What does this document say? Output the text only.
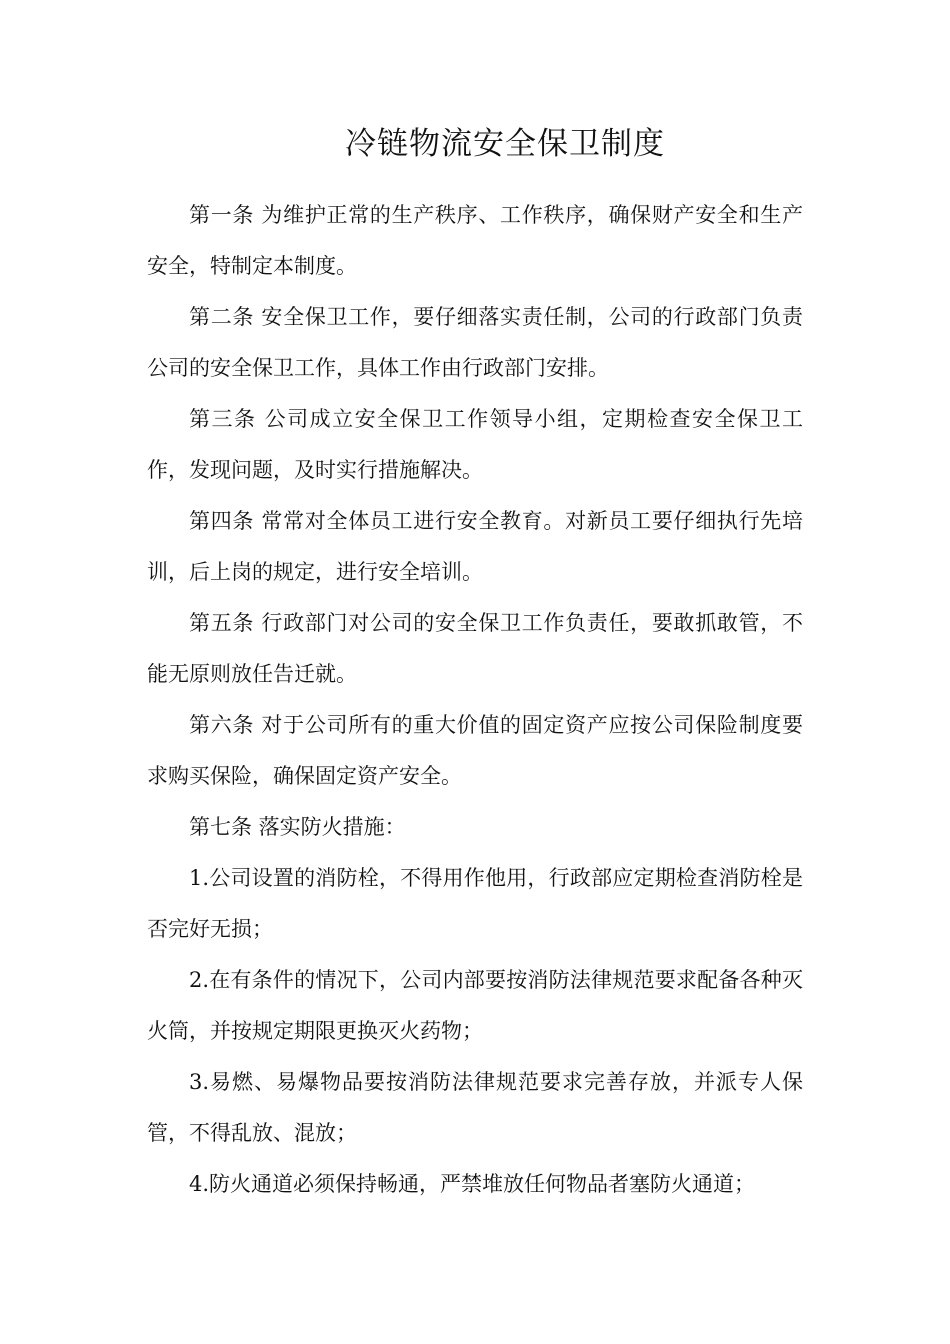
冷链物流安全保卫制度

第一条 为维护正常的生产秩序、工作秩序，确保财产安全和生产安全，特制定本制度。

第二条 安全保卫工作，要仔细落实责任制，公司的行政部门负责公司的安全保卫工作，具体工作由行政部门安排。

第三条 公司成立安全保卫工作领导小组，定期检查安全保卫工作，发现问题，及时实行措施解决。

第四条 常常对全体员工进行安全教育。对新员工要仔细执行先培训，后上岗的规定，进行安全培训。

第五条 行政部门对公司的安全保卫工作负责任，要敢抓敢管，不能无原则放任告迁就。

第六条 对于公司所有的重大价值的固定资产应按公司保险制度要求购买保险，确保固定资产安全。

第七条 落实防火措施：

1.公司设置的消防栓，不得用作他用，行政部应定期检查消防栓是否完好无损；

2.在有条件的情况下，公司内部要按消防法律规范要求配备各种灭火筒，并按规定期限更换灭火药物；

3.易燃、易爆物品要按消防法律规范要求完善存放，并派专人保管，不得乱放、混放；

4.防火通道必须保持畅通，严禁堆放任何物品者塞防火通道；
